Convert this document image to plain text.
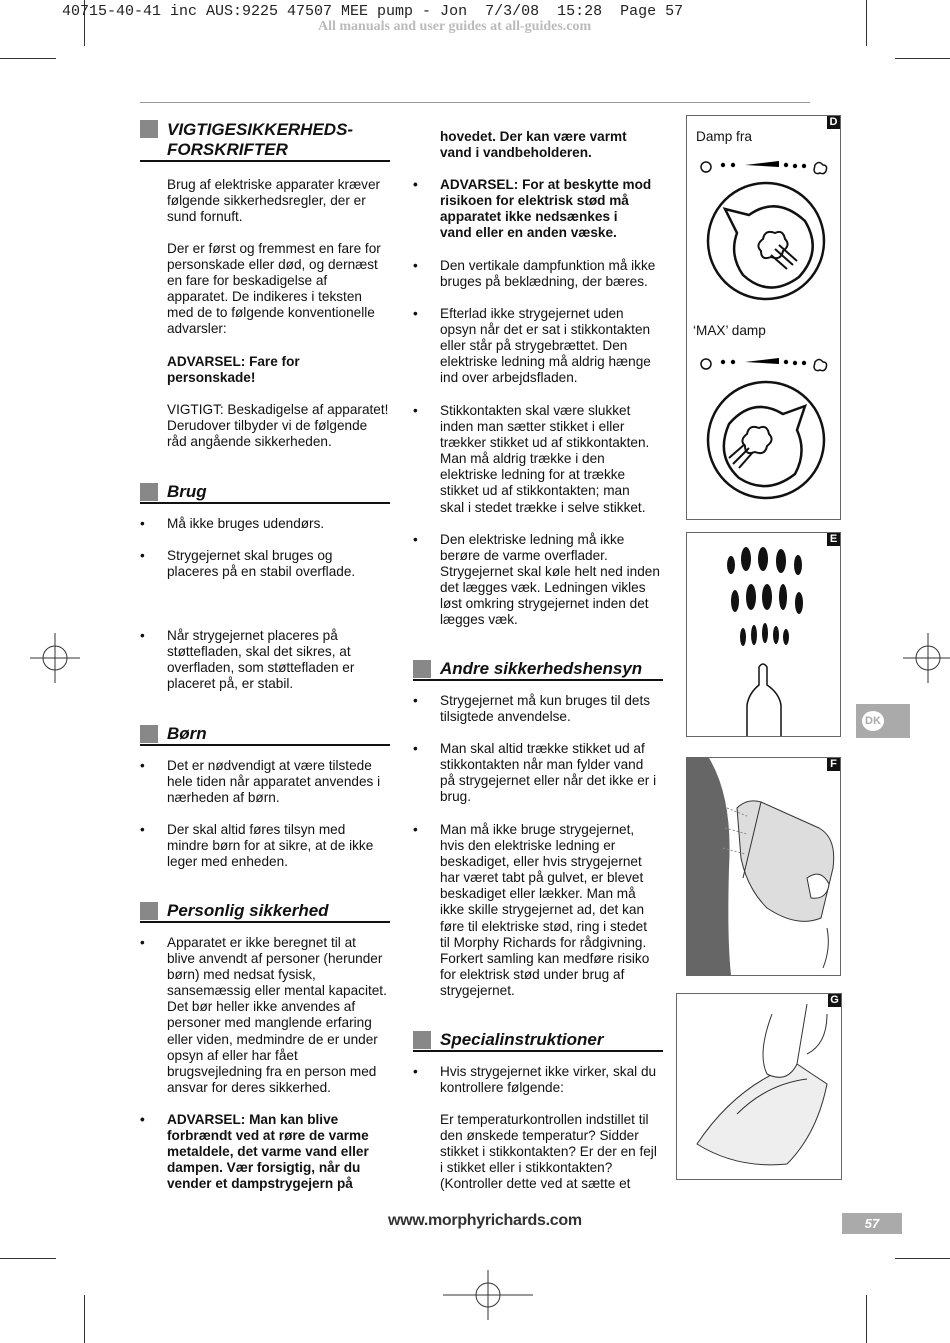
40715-40-41 inc AUS:9225 47507 MEE pump - Jon  7/3/08  15:28  Page 57
All manuals and user guides at all-guides.com
VIGTIGESIKKERHEDS-
FORSKRIFTER
Brug af elektriske apparater kræver
følgende sikkerhedsregler, der er
sund fornuft.
Der er først og fremmest en fare for
personskade eller død, og dernæst
en fare for beskadigelse af
apparatet. De indikeres i teksten
med de to følgende konventionelle
advarsler:
ADVARSEL: Fare for
personskade!
VIGTIGT: Beskadigelse af apparatet!
Derudover tilbyder vi de følgende
råd angående sikkerheden.
Brug
• Må ikke bruges udendørs.
• Strygejernet skal bruges og
placeres på en stabil overflade.
• Når strygejernet placeres på
støttefladen, skal det sikres, at
overfladen, som støttefladen er
placeret på, er stabil.
Børn
• Det er nødvendigt at være tilstede
hele tiden når apparatet anvendes i
nærheden af børn.
• Der skal altid føres tilsyn med
mindre børn for at sikre, at de ikke
leger med enheden.
Personlig sikkerhed
• Apparatet er ikke beregnet til at
blive anvendt af personer (herunder
børn) med nedsat fysisk,
sansemæssig eller mental kapacitet.
Det bør heller ikke anvendes af
personer med manglende erfaring
eller viden, medmindre de er under
opsyn af eller har fået
brugsvejledning fra en person med
ansvar for deres sikkerhed.
• ADVARSEL: Man kan blive
forbrændt ved at røre de varme
metaldele, det varme vand eller
dampen. Vær forsigtig, når du
vender et dampstrygejern på
hovedet. Der kan være varmt
vand i vandbeholderen.
• ADVARSEL: For at beskytte mod
risikoen for elektrisk stød må
apparatet ikke nedsænkes i
vand eller en anden væske.
• Den vertikale dampfunktion må ikke
bruges på beklædning, der bæres.
• Efterlad ikke strygejernet uden
opsyn når det er sat i stikkontakten
eller står på strygebrættet. Den
elektriske ledning må aldrig hænge
ind over arbejdsfladen.
• Stikkontakten skal være slukket
inden man sætter stikket i eller
trækker stikket ud af stikkontakten.
Man må aldrig trække i den
elektriske ledning for at trække
stikket ud af stikkontakten; man
skal i stedet trække i selve stikket.
• Den elektriske ledning må ikke
berøre de varme overflader.
Strygejernet skal køle helt ned inden
det lægges væk. Ledningen vikles
løst omkring strygejernet inden det
lægges væk.
Andre sikkerhedshensyn
• Strygejernet må kun bruges til dets
tilsigtede anvendelse.
• Man skal altid trække stikket ud af
stikkontakten når man fylder vand
på strygejernet eller når det ikke er i
brug.
• Man må ikke bruge strygejernet,
hvis den elektriske ledning er
beskadiget, eller hvis strygejernet
har været tabt på gulvet, er blevet
beskadiget eller lækker. Man må
ikke skille strygejernet ad, det kan
føre til elektriske stød, ring i stedet
til Morphy Richards for rådgivning.
Forkert samling kan medføre risiko
for elektrisk stød under brug af
strygejernet.
Specialinstruktioner
• Hvis strygejernet ikke virker, skal du
kontrollere følgende:
Er temperaturkontrollen indstillet til
den ønskede temperatur? Sidder
stikket i stikkontakten? Er der en fejl
i stikket eller i stikkontakten?
(Kontroller dette ved at sætte et
D
Damp fra
‘MAX’ damp
E
F
G
DK
www.morphyrichards.com	57
